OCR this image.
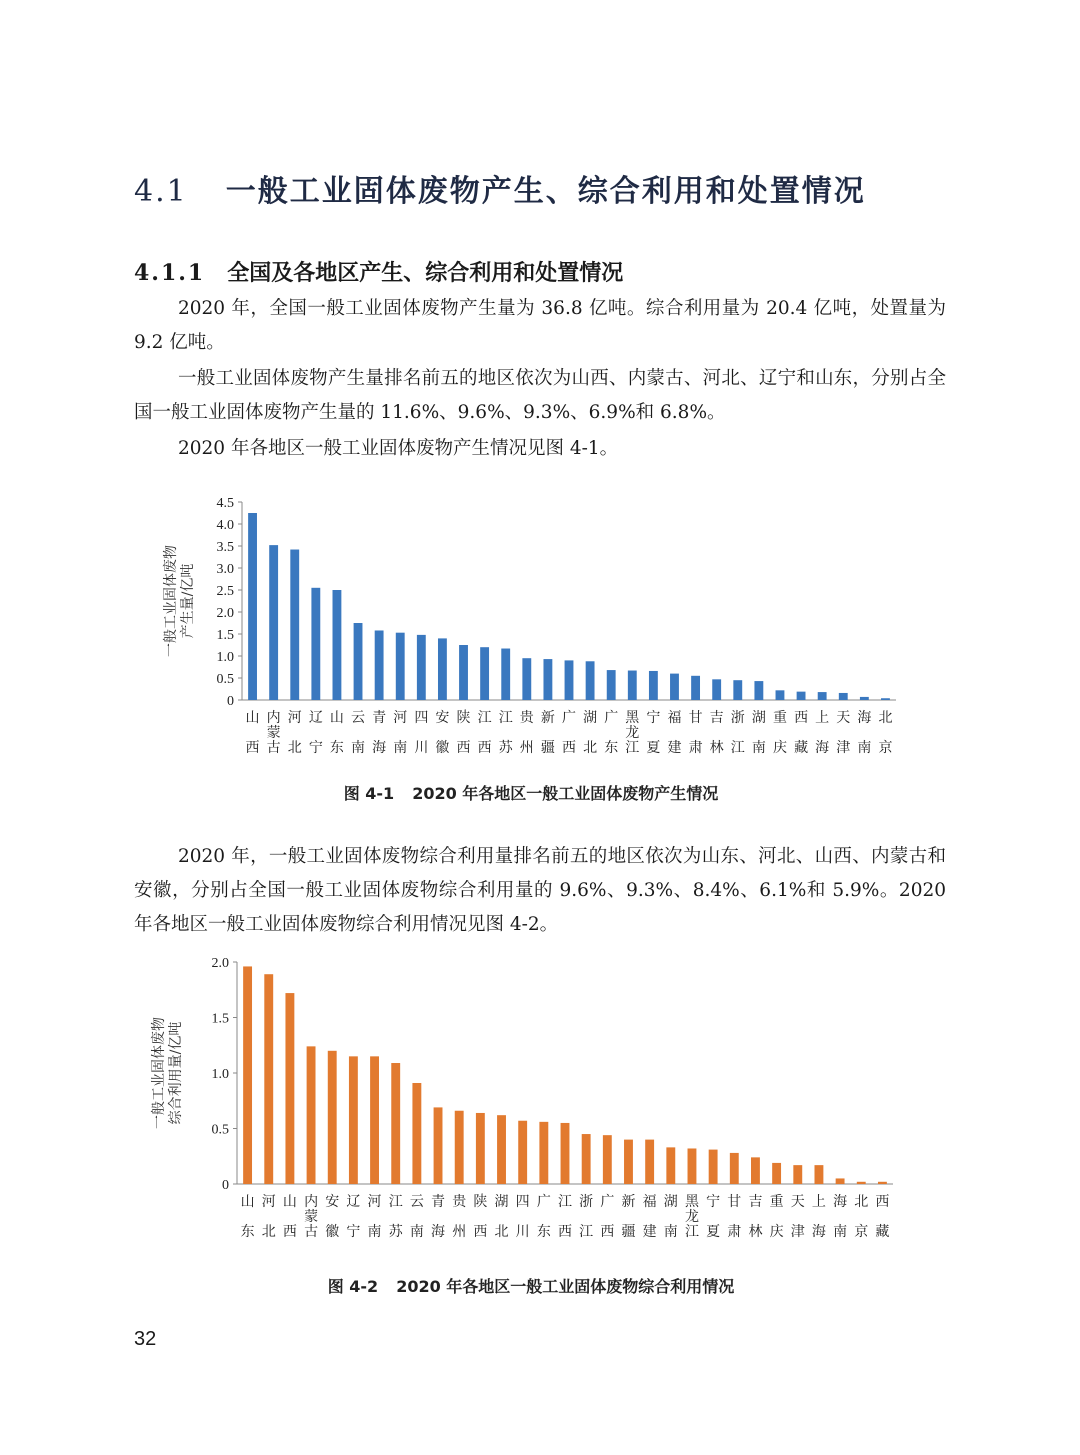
4.1 一般工业固体废物产生、综合利用和处置情况
4.1.1 全国及各地区产生、综合利用和处置情况

2020 年，全国一般工业固体废物产生量为 36.8 亿吨。综合利用量为 20.4 亿吨，处置量为 9.2 亿吨。

一般工业固体废物产生量排名前五的地区依次为山西、内蒙古、河北、辽宁和山东，分别占全国一般工业固体废物产生量的 11.6%、9.6%、9.3%、6.9%和 6.8%。

2020 年各地区一般工业固体废物产生情况见图 4-1。

0
0.5
1.0
1.5
2.0
2.5
3.0
3.5
4.0
4.5
一般工业固体废物 产生量/亿吨
山
西
内
蒙
古
河
北
辽
宁
山
东
云
南
青
海
河
南
四
川
安
徽
陕
西
江
西
江
苏
贵
州
新
疆
广
西
湖
北
广
东
黑
龙
江
宁
夏
福
建
甘
肃
吉
林
浙
江
湖
南
重
庆
西
藏
上
海
天
津
海
南
北
京
图 4-1 2020 年各地区一般工业固体废物产生情况

2020 年，一般工业固体废物综合利用量排名前五的地区依次为山东、河北、山西、内蒙古和安徽，分别占全国一般工业固体废物综合利用量的 9.6%、9.3%、8.4%、6.1%和 5.9%。2020 年各地区一般工业固体废物综合利用情况见图 4-2。

0
0.5
1.0
1.5
2.0
一般工业固体废物 综合利用量/亿吨
山
东
河
北
山
西
内
蒙
古
安
徽
辽
宁
河
南
江
苏
云
南
青
海
贵
州
陕
西
湖
北
四
川
广
东
江
西
浙
江
广
西
新
疆
福
建
湖
南
黑
龙
江
宁
夏
甘
肃
吉
林
重
庆
天
津
上
海
海
南
北
京
西
藏
图 4-2 2020 年各地区一般工业固体废物综合利用情况
32
